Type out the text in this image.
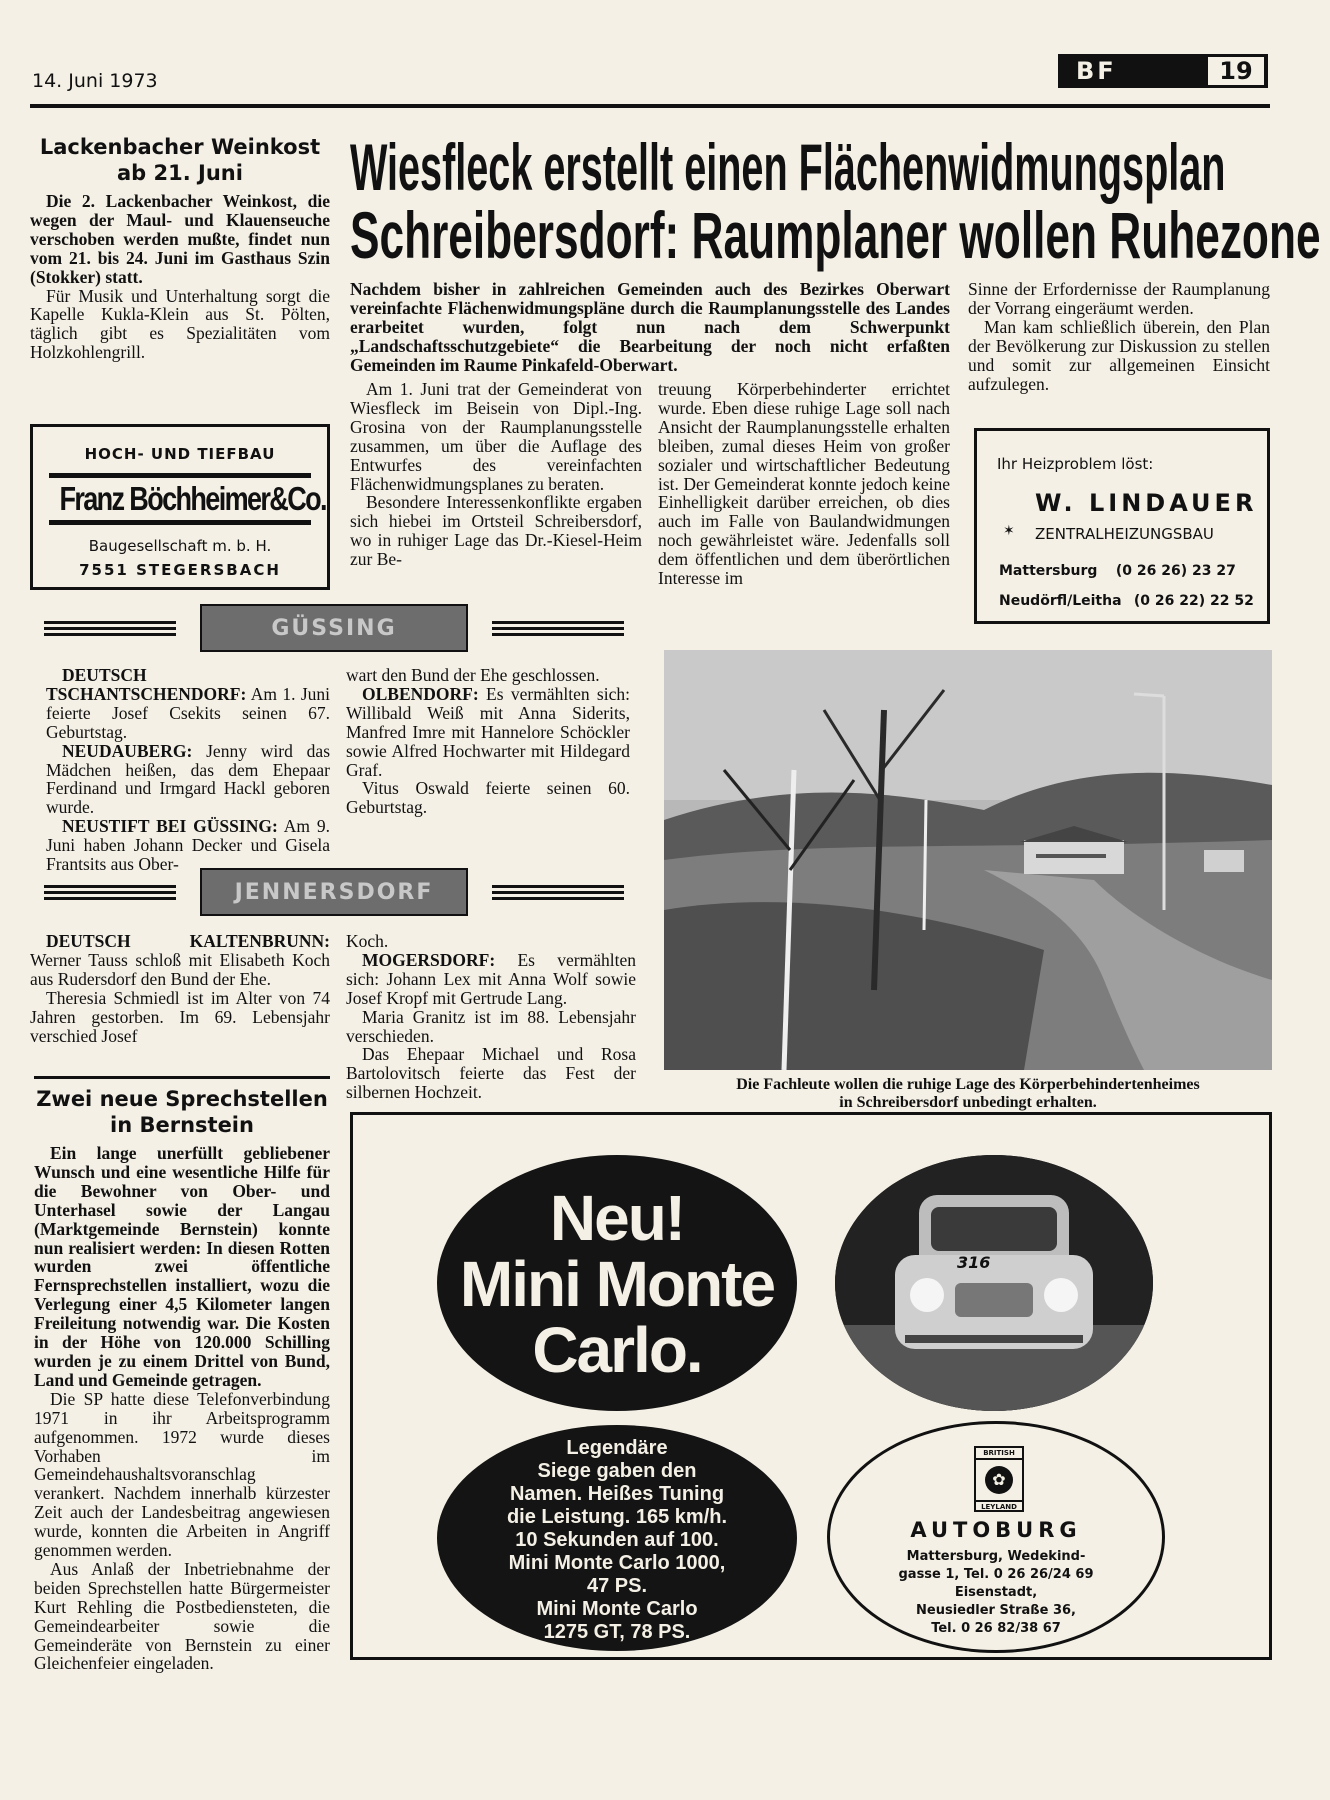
14. Juni 1973	BF	19
Lackenbacher Weinkost
ab 21. Juni

Die 2. Lackenbacher Weinkost, die wegen der Maul- und Klauenseuche verschoben werden mußte, findet nun vom 21. bis 24. Juni im Gasthaus Szin (Stokker) statt.

Für Musik und Unterhaltung sorgt die Kapelle Kukla-Klein aus St. Pölten, täglich gibt es Spezialitäten vom Holzkohlengrill.

HOCH- UND TIEFBAU
Franz Böchheimer&Co.
Baugesellschaft m. b. H.
7551 STEGERSBACH
Wiesfleck erstellt einen Flächenwidmungsplan
Schreibersdorf: Raumplaner wollen Ruhezone

Nachdem bisher in zahlreichen Gemeinden auch des Bezirkes Oberwart vereinfachte Flächenwidmungspläne durch die Raumplanungsstelle des Landes erarbeitet wurden, folgt nun nach dem Schwerpunkt „Landschaftsschutzgebiete“ die Bearbeitung der noch nicht erfaßten Gemeinden im Raume Pinkafeld-Oberwart.

Am 1. Juni trat der Gemeinderat von Wiesfleck im Beisein von Dipl.-Ing. Grosina von der Raumplanungsstelle zusammen, um über die Auflage des Entwurfes des vereinfachten Flächenwidmungsplanes zu beraten.

Besondere Interessenkonflikte ergaben sich hiebei im Ortsteil Schreibersdorf, wo in ruhiger Lage das Dr.-Kiesel-Heim zur Be-

treuung Körperbehinderter errichtet wurde. Eben diese ruhige Lage soll nach Ansicht der Raumplanungsstelle erhalten bleiben, zumal dieses Heim von großer sozialer und wirtschaftlicher Bedeutung ist. Der Gemeinderat konnte jedoch keine Einhelligkeit darüber erreichen, ob dies auch im Falle von Baulandwidmungen noch gewährleistet wäre. Jedenfalls soll dem öffentlichen und dem überörtlichen Interesse im

Sinne der Erfordernisse der Raumplanung der Vorrang eingeräumt werden.

Man kam schließlich überein, den Plan der Bevölkerung zur Diskussion zu stellen und somit zur allgemeinen Einsicht aufzulegen.

Ihr Heizproblem löst:
W. LINDAUER
✶ ZENTRALHEIZUNGSBAU
Mattersburg (0 26 26) 23 27
Neudörfl/Leitha (0 26 22) 22 52
GÜSSING

DEUTSCH TSCHANTSCHENDORF: Am 1. Juni feierte Josef Csekits seinen 67. Geburtstag.

NEUDAUBERG: Jenny wird das Mädchen heißen, das dem Ehepaar Ferdinand und Irmgard Hackl geboren wurde.

NEUSTIFT BEI GÜSSING: Am 9. Juni haben Johann Decker und Gisela Frantsits aus Ober-

wart den Bund der Ehe geschlossen.

OLBENDORF: Es vermählten sich: Willibald Weiß mit Anna Siderits, Manfred Imre mit Hannelore Schöckler sowie Alfred Hochwarter mit Hildegard Graf.

Vitus Oswald feierte seinen 60. Geburtstag.

JENNERSDORF

DEUTSCH KALTENBRUNN: Werner Tauss schloß mit Elisabeth Koch aus Rudersdorf den Bund der Ehe.

Theresia Schmiedl ist im Alter von 74 Jahren gestorben. Im 69. Lebensjahr verschied Josef

Koch.

MOGERSDORF: Es vermählten sich: Johann Lex mit Anna Wolf sowie Josef Kropf mit Gertrude Lang.

Maria Granitz ist im 88. Lebensjahr verschieden.

Das Ehepaar Michael und Rosa Bartolovitsch feierte das Fest der silbernen Hochzeit.	Die Fachleute wollen die ruhige Lage des Körperbehindertenheimes
in Schreibersdorf unbedingt erhalten.
Zwei neue Sprechstellen
in Bernstein

Ein lange unerfüllt gebliebener Wunsch und eine wesentliche Hilfe für die Bewohner von Ober- und Unterhasel sowie der Langau (Marktgemeinde Bernstein) konnte nun realisiert werden: In diesen Rotten wurden zwei öffentliche Fernsprechstellen installiert, wozu die Verlegung einer 4,5 Kilometer langen Freileitung notwendig war. Die Kosten in der Höhe von 120.000 Schilling wurden je zu einem Drittel von Bund, Land und Gemeinde getragen.

Die SP hatte diese Telefonverbindung 1971 in ihr Arbeitsprogramm aufgenommen. 1972 wurde dieses Vorhaben im Gemeindehaushaltsvoranschlag verankert. Nachdem innerhalb kürzester Zeit auch der Landesbeitrag angewiesen wurde, konnten die Arbeiten in Angriff genommen werden.

Aus Anlaß der Inbetriebnahme der beiden Sprechstellen hatte Bürgermeister Kurt Rehling die Postbediensteten, die Gemeindearbeiter sowie die Gemeinderäte von Bernstein zu einer Gleichenfeier eingeladen.

Neu!
Mini Monte
Carlo.
316
Legendäre
Siege gaben den
Namen. Heißes Tuning
die Leistung. 165 km/h.
10 Sekunden auf 100.
Mini Monte Carlo 1000,
47 PS.
Mini Monte Carlo
1275 GT, 78 PS.
BRITISH
✿
LEYLAND
AUTOBURG
Mattersburg, Wedekind-
gasse 1, Tel. 0 26 26/24 69
Eisenstadt,
Neusiedler Straße 36,
Tel. 0 26 82/38 67
